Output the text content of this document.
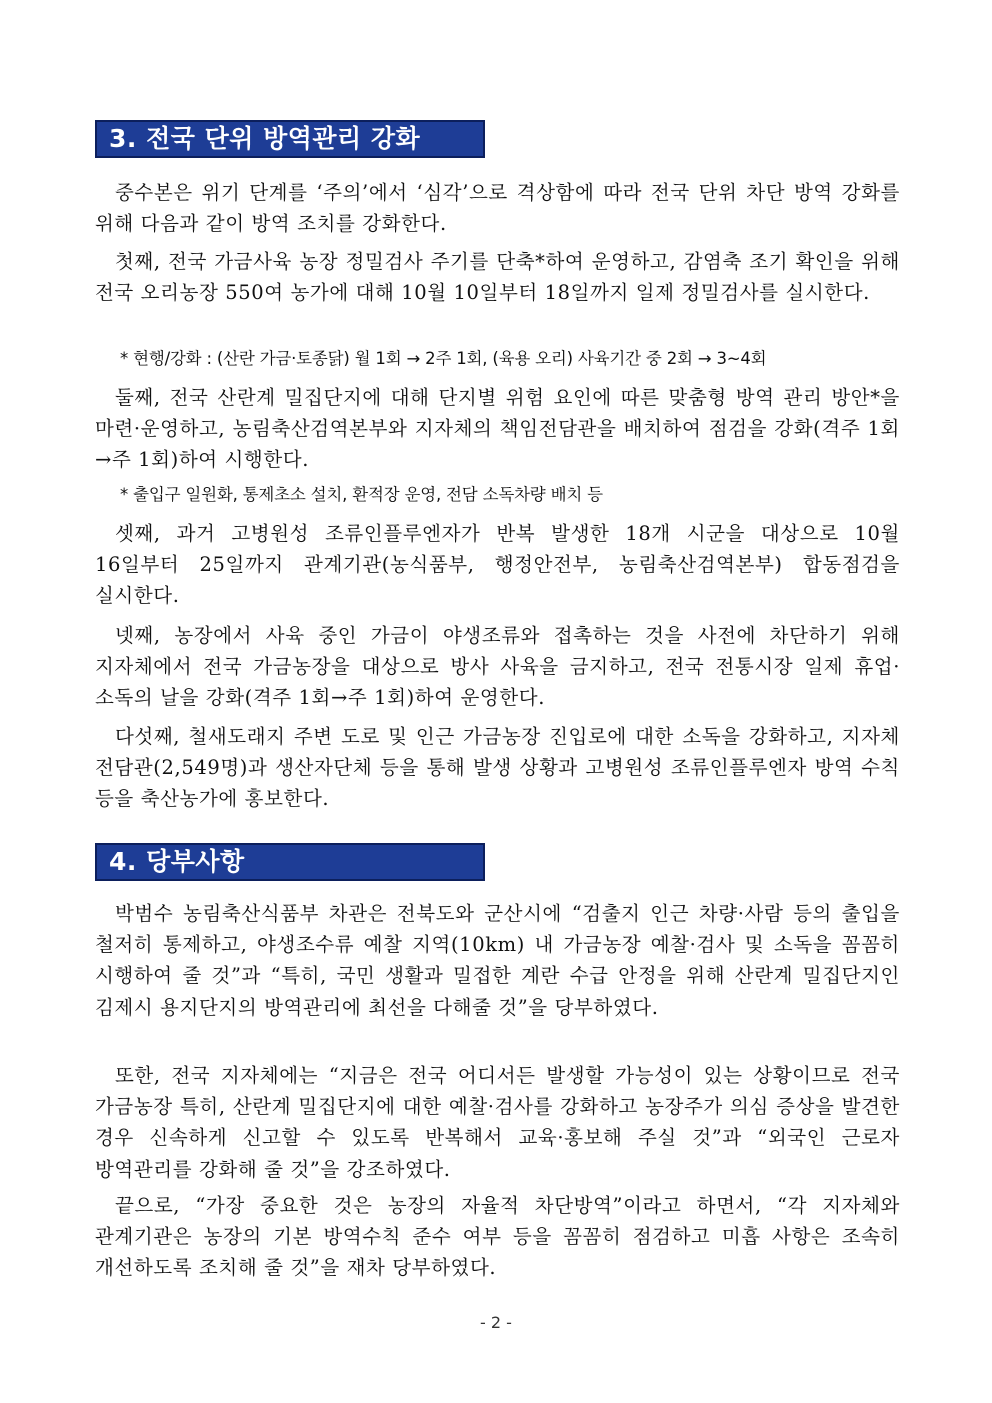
3. 전국 단위 방역관리 강화

중수본은 위기 단계를 ‘주의’에서 ‘심각’으로 격상함에 따라 전국 단위 차단 방역 강화를 위해 다음과 같이 방역 조치를 강화한다.

첫째, 전국 가금사육 농장 정밀검사 주기를 단축*하여 운영하고, 감염축 조기 확인을 위해 전국 오리농장 550여 농가에 대해 10월 10일부터 18일까지 일제 정밀검사를 실시한다.

* 현행/강화 : (산란 가금·토종닭) 월 1회 → 2주 1회, (육용 오리) 사육기간 중 2회 → 3~4회

둘째, 전국 산란계 밀집단지에 대해 단지별 위험 요인에 따른 맞춤형 방역 관리 방안*을 마련·운영하고, 농림축산검역본부와 지자체의 책임전담관을 배치하여 점검을 강화(격주 1회→주 1회)하여 시행한다.

* 출입구 일원화, 통제초소 설치, 환적장 운영, 전담 소독차량 배치 등

셋째, 과거 고병원성 조류인플루엔자가 반복 발생한 18개 시군을 대상으로 10월 16일부터 25일까지 관계기관(농식품부, 행정안전부, 농림축산검역본부) 합동점검을 실시한다.

넷째, 농장에서 사육 중인 가금이 야생조류와 접촉하는 것을 사전에 차단하기 위해 지자체에서 전국 가금농장을 대상으로 방사 사육을 금지하고, 전국 전통시장 일제 휴업·소독의 날을 강화(격주 1회→주 1회)하여 운영한다.

다섯째, 철새도래지 주변 도로 및 인근 가금농장 진입로에 대한 소독을 강화하고, 지자체 전담관(2,549명)과 생산자단체 등을 통해 발생 상황과 고병원성 조류인플루엔자 방역 수칙 등을 축산농가에 홍보한다.

4. 당부사항

박범수 농림축산식품부 차관은 전북도와 군산시에 “검출지 인근 차량·사람 등의 출입을 철저히 통제하고, 야생조수류 예찰 지역(10km) 내 가금농장 예찰·검사 및 소독을 꼼꼼히 시행하여 줄 것”과 “특히, 국민 생활과 밀접한 계란 수급 안정을 위해 산란계 밀집단지인 김제시 용지단지의 방역관리에 최선을 다해줄 것”을 당부하였다.

또한, 전국 지자체에는 “지금은 전국 어디서든 발생할 가능성이 있는 상황이므로 전국 가금농장 특히, 산란계 밀집단지에 대한 예찰·검사를 강화하고 농장주가 의심 증상을 발견한 경우 신속하게 신고할 수 있도록 반복해서 교육·홍보해 주실 것”과 “외국인 근로자 방역관리를 강화해 줄 것”을 강조하였다.

끝으로, “가장 중요한 것은 농장의 자율적 차단방역”이라고 하면서, “각 지자체와 관계기관은 농장의 기본 방역수칙 준수 여부 등을 꼼꼼히 점검하고 미흡 사항은 조속히 개선하도록 조치해 줄 것”을 재차 당부하였다.

- 2 -
